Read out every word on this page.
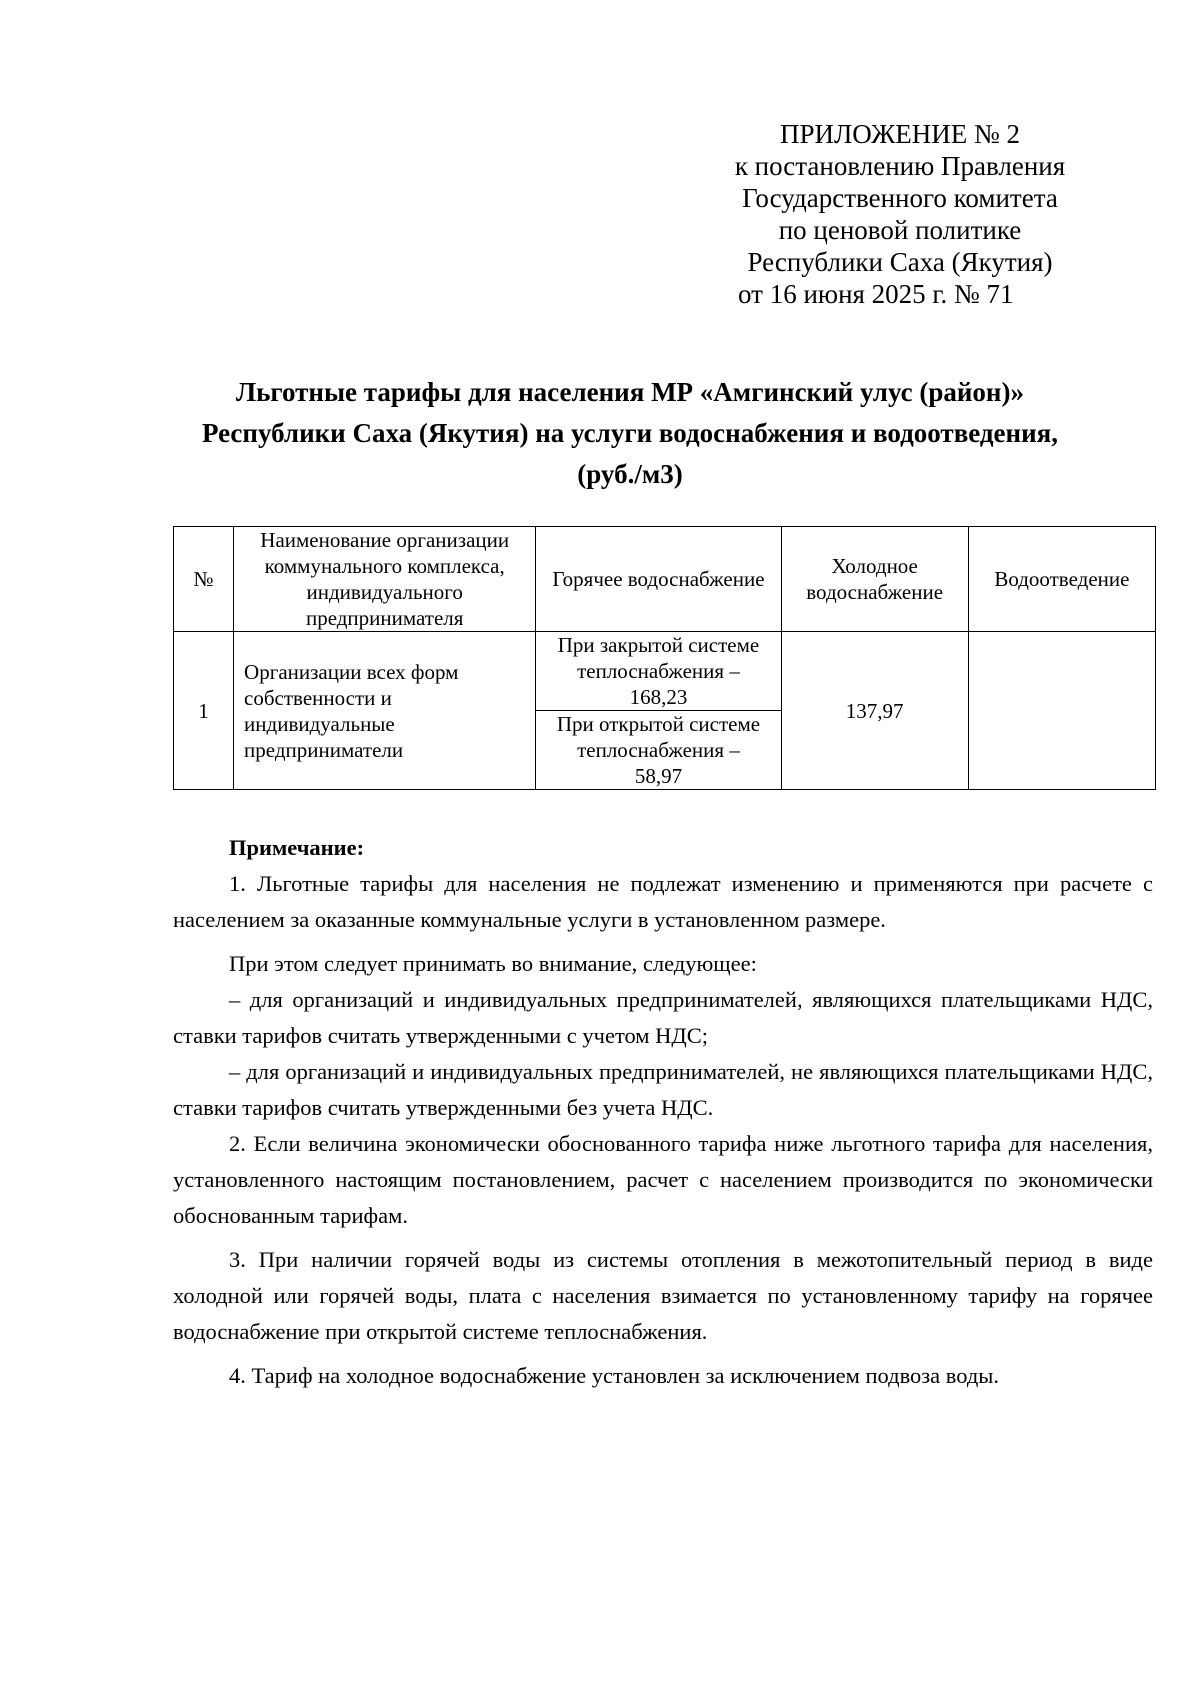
ПРИЛОЖЕНИЕ № 2
к постановлению Правления
Государственного комитета
по ценовой политике
Республики Саха (Якутия)
от 16 июня 2025 г. № 71
Льготные тарифы для населения МР «Амгинский улус (район)»
Республики Саха (Якутия) на услуги водоснабжения и водоотведения,
(руб./м3)
№	Наименование организации коммунального комплекса, индивидуального предпринимателя	Горячее водоснабжение	Холодное водоснабжение	Водоотведение
1	Организации всех форм
собственности и
индивидуальные
предприниматели	При закрытой системе
теплоснабжения –
168,23	137,97	

		При открытой системе
теплоснабжения –
58,97		
Примечание:

1. Льготные тарифы для населения не подлежат изменению и применяются при расчете с населением за оказанные коммунальные услуги в установленном размере.

При этом следует принимать во внимание, следующее:

– для организаций и индивидуальных предпринимателей, являющихся плательщиками НДС, ставки тарифов считать утвержденными с учетом НДС;

– для организаций и индивидуальных предпринимателей, не являющихся плательщиками НДС, ставки тарифов считать утвержденными без учета НДС.

2. Если величина экономически обоснованного тарифа ниже льготного тарифа для населения, установленного настоящим постановлением, расчет с населением производится по экономически обоснованным тарифам.

3. При наличии горячей воды из системы отопления в межотопительный период в виде холодной или горячей воды, плата с населения взимается по установленному тарифу на горячее водоснабжение при открытой системе теплоснабжения.

4. Тариф на холодное водоснабжение установлен за исключением подвоза воды.
